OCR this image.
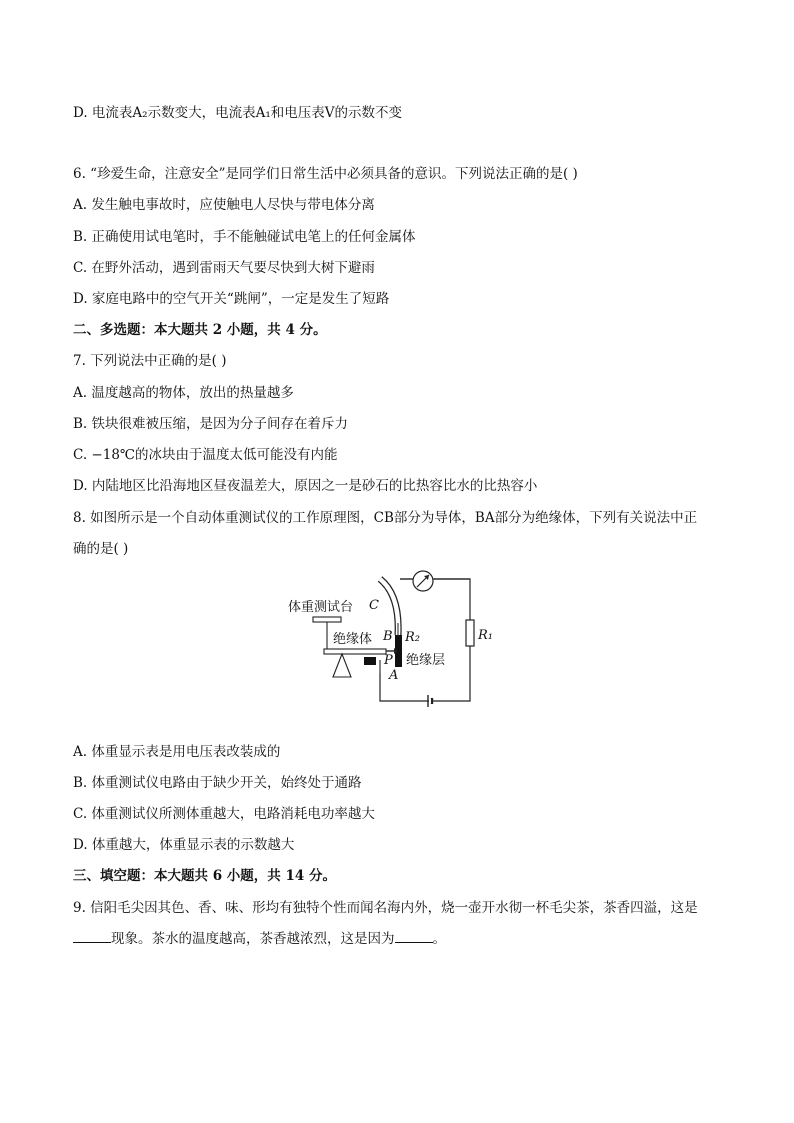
D. 电流表A₂示数变大，电流表A₁和电压表V的示数不变
6. “珍爱生命，注意安全”是同学们日常生活中必须具备的意识。下列说法正确的是( )
A. 发生触电事故时，应使触电人尽快与带电体分离
B. 正确使用试电笔时，手不能触碰试电笔上的任何金属体
C. 在野外活动，遇到雷雨天气要尽快到大树下避雨
D. 家庭电路中的空气开关“跳闸”，一定是发生了短路
二、多选题：本大题共 2 小题，共 4 分。
7. 下列说法中正确的是( )
A. 温度越高的物体，放出的热量越多
B. 铁块很难被压缩，是因为分子间存在着斥力
C. −18℃的冰块由于温度太低可能没有内能
D. 内陆地区比沿海地区昼夜温差大，原因之一是砂石的比热容比水的比热容小
8. 如图所示是一个自动体重测试仪的工作原理图，CB部分为导体，BA部分为绝缘体，下列有关说法中正
确的是( )
体重测试台 C
绝缘体 B R₂
P 绝缘层
A
R₁
A. 体重显示表是用电压表改装成的
B. 体重测试仪电路由于缺少开关，始终处于通路
C. 体重测试仪所测体重越大，电路消耗电功率越大
D. 体重越大，体重显示表的示数越大
三、填空题：本大题共 6 小题，共 14 分。
9. 信阳毛尖因其色、香、味、形均有独特个性而闻名海内外，烧一壶开水彻一杯毛尖茶，茶香四溢，这是
现象。茶水的温度越高，茶香越浓烈，这是因为	。
